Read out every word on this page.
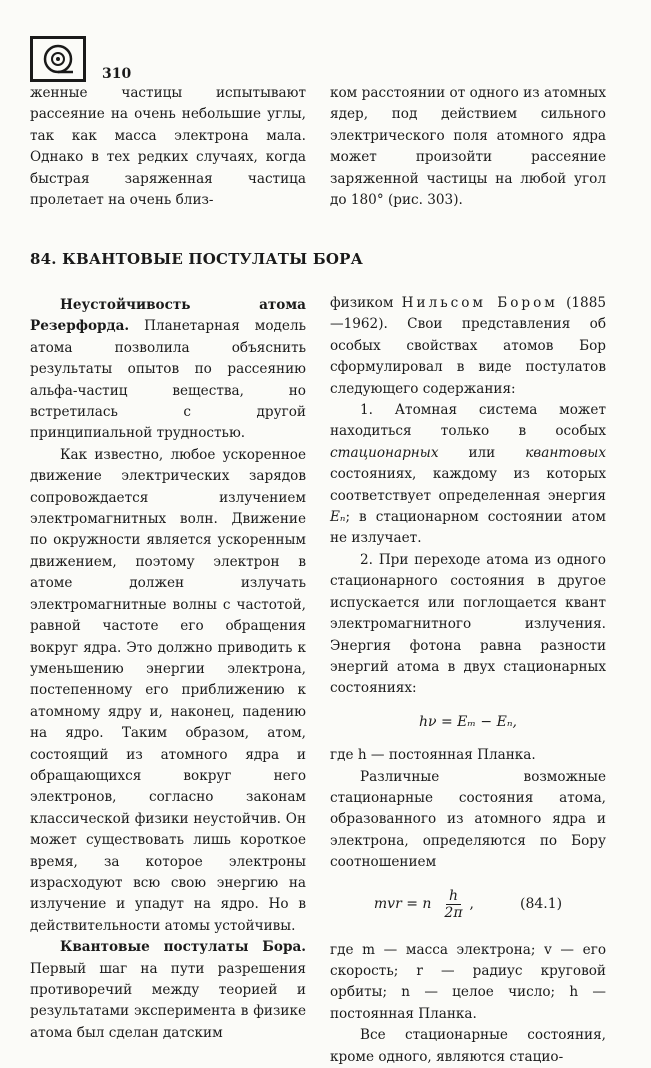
310

женные частицы испытывают рассеяние на очень небольшие углы, так как масса электрона мала. Однако в тех редких случаях, когда быстрая заряженная частица пролетает на очень близ-

ком расстоянии от одного из атомных ядер, под действием сильного электрического поля атомного ядра может произойти рассеяние заряженной частицы на любой угол до 180° (рис. 303).

84. КВАНТОВЫЕ ПОСТУЛАТЫ БОРА

Неустойчивость атома Резерфорда. Планетарная модель атома позволила объяснить результаты опытов по рассеянию альфа-частиц вещества, но встретилась с другой принципиальной трудностью.

Как известно, любое ускоренное движение электрических зарядов сопровождается излучением электромагнитных волн. Движение по окружности является ускоренным движением, поэтому электрон в атоме должен излучать электромагнитные волны с частотой, равной частоте его обращения вокруг ядра. Это должно приводить к уменьшению энергии электрона, постепенному его приближению к атомному ядру и, наконец, падению на ядро. Таким образом, атом, состоящий из атомного ядра и обращающихся вокруг него электронов, согласно законам классической физики неустойчив. Он может существовать лишь короткое время, за которое электроны израсходуют всю свою энергию на излучение и упадут на ядро. Но в действительности атомы устойчивы.

Квантовые постулаты Бора. Первый шаг на пути разрешения противоречий между теорией и результатами эксперимента в физике атома был сделан датским

физиком Нильсом Бором (1885—1962). Свои представления об особых свойствах атомов Бор сформулировал в виде постулатов следующего содержания:

1. Атомная система может находиться только в особых стационарных или квантовых состояниях, каждому из которых соответствует определенная энергия Eₙ; в стационарном состоянии атом не излучает.

2. При переходе атома из одного стационарного состояния в другое испускается или поглощается квант электромагнитного излучения. Энергия фотона равна разности энергий атома в двух стационарных состояниях:

hν = Eₘ − Eₙ,

где h — постоянная Планка.

Различные возможные стационарные состояния атома, образованного из атомного ядра и электрона, определяются по Бору соотношением

mvr = n $\frac{h}{2\pi}$ ,	(84.1)

где m — масса электрона; v — его скорость; r — радиус круговой орбиты; n — целое число; h — постоянная Планка.

Все стационарные состояния, кроме одного, являются стацио-
